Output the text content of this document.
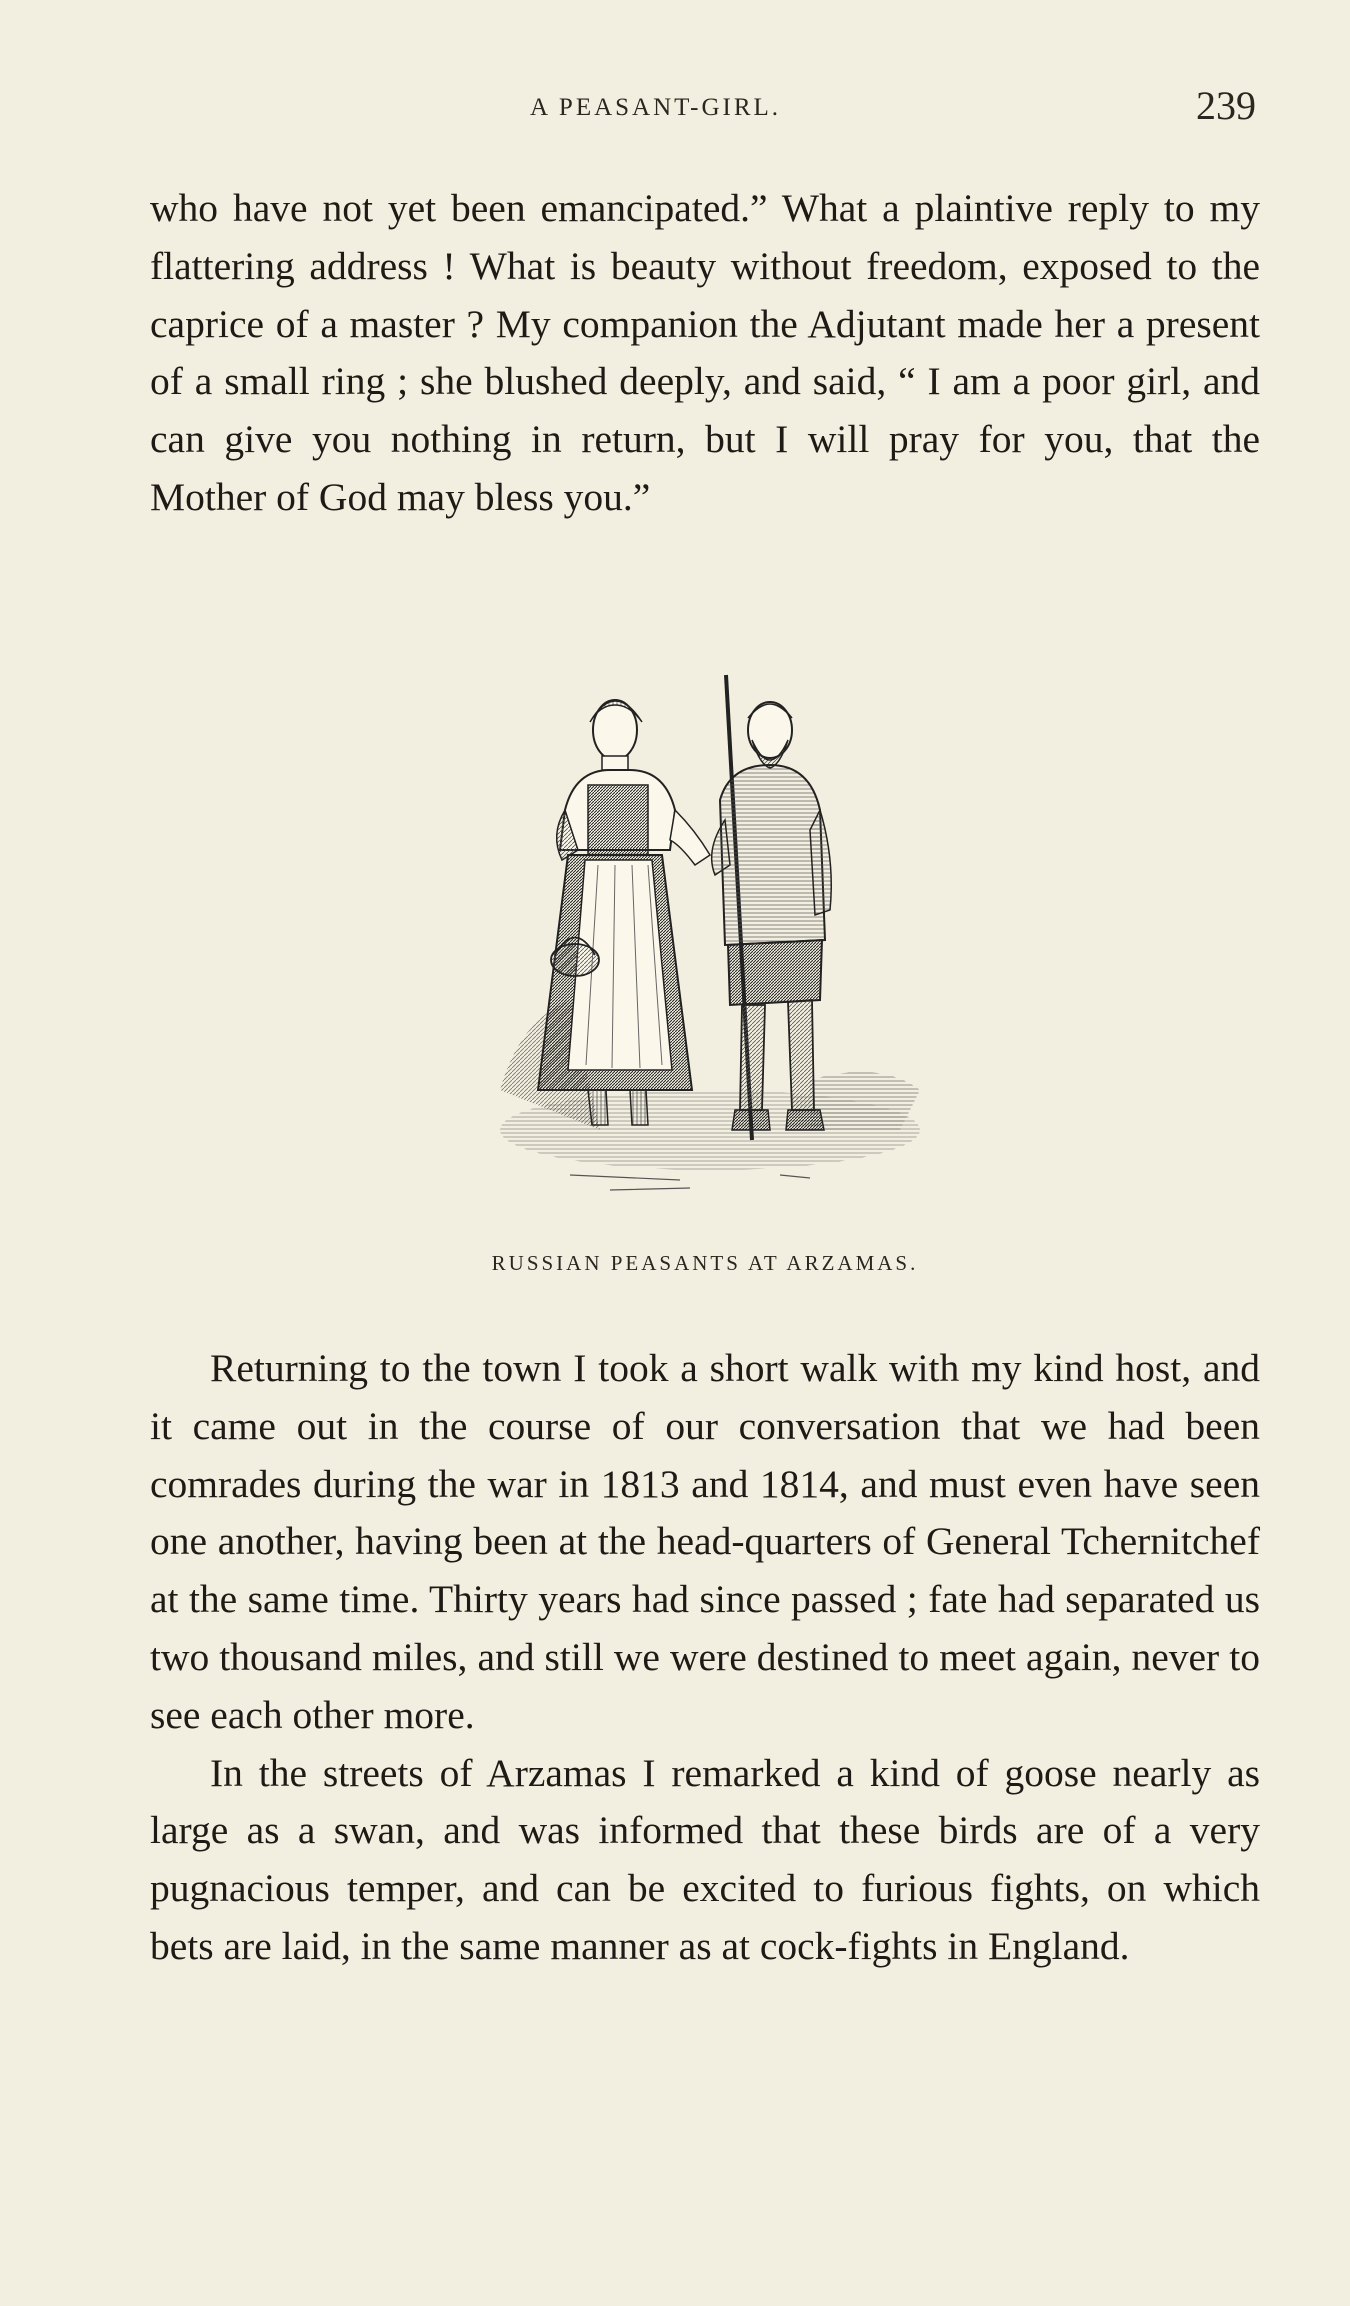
A PEASANT-GIRL.	239

who have not yet been emancipated.” What a plaintive reply to my flattering address ! What is beauty without freedom, exposed to the caprice of a master ? My companion the Adjutant made her a present of a small ring ; she blushed deeply, and said, “ I am a poor girl, and can give you nothing in return, but I will pray for you, that the Mother of God may bless you.”

RUSSIAN PEASANTS AT ARZAMAS.

Returning to the town I took a short walk with my kind host, and it came out in the course of our conversation that we had been comrades during the war in 1813 and 1814, and must even have seen one another, having been at the head-quarters of General Tchernitchef at the same time. Thirty years had since passed ; fate had separated us two thousand miles, and still we were destined to meet again, never to see each other more.

In the streets of Arzamas I remarked a kind of goose nearly as large as a swan, and was informed that these birds are of a very pugnacious temper, and can be excited to furious fights, on which bets are laid, in the same manner as at cock-fights in England.
